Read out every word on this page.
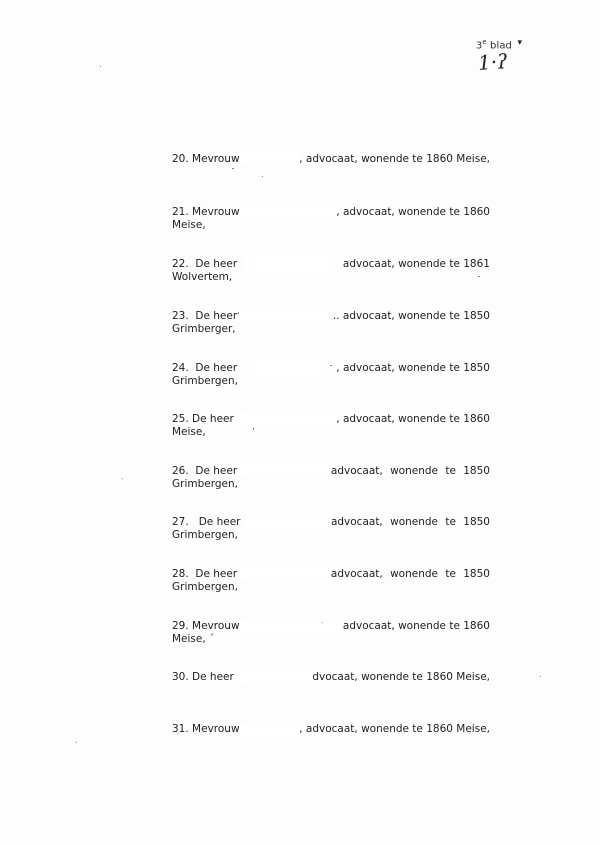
3e blad
1·ʔ
▾
20.
Mevrouw	, advocaat, wonende te 1860 Meise,
21. Mevrouw	, advocaat, wonende te 1860
Meise,
22. De heer	advocaat, wonende te 1861
Wolvertem,
23. De heer	.. advocaat, wonende te 1850
Grimberger,
24. De heer	, advocaat, wonende te 1850
Grimbergen,
25. De heer	, advocaat, wonende te 1860
Meise,
26. De heer	advocaat, wonende te 1850
Grimbergen,
27. De heer	advocaat, wonende te 1850
Grimbergen,
28. De heer	advocaat, wonende te 1850
Grimbergen,
29. Mevrouw	advocaat, wonende te 1860
Meise, ´
30.
De heer	dvocaat, wonende te 1860 Meise,
31.
Mevrouw	, advocaat, wonende te 1860 Meise,
